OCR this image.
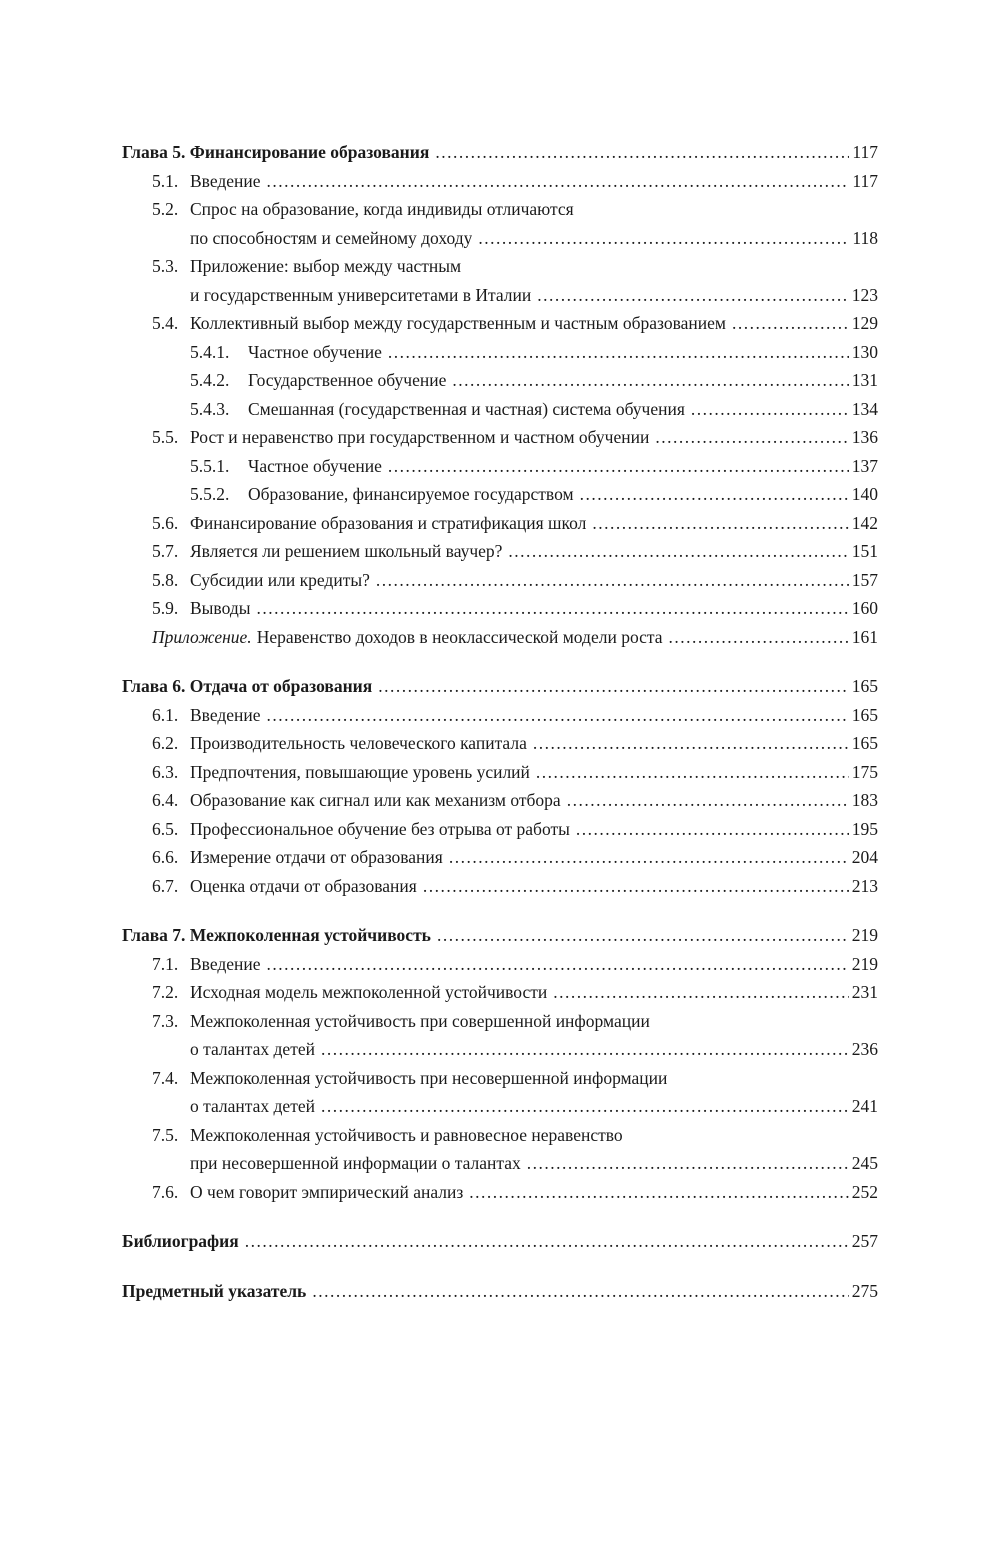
Глава 5. Финансирование образования .....	117
5.1. Введение .....	117
5.2. Спрос на образование, когда индивиды отличаются
по способностям и семейному доходу .....	118
5.3. Приложение: выбор между частным
и государственным университетами в Италии .....	123
5.4. Коллективный выбор между государственным и частным образованием .....	129
5.4.1.	Частное обучение .....	130
5.4.2.	Государственное обучение .....	131
5.4.3.	Смешанная (государственная и частная) система обучения .....	134
5.5. Рост и неравенство при государственном и частном обучении .....	136
5.5.1.	Частное обучение .....	137
5.5.2.	Образование, финансируемое государством .....	140
5.6. Финансирование образования и стратификация школ .....	142
5.7. Является ли решением школьный ваучер? .....	151
5.8. Субсидии или кредиты? .....	157
5.9. Выводы .....	160
Приложение. Неравенство доходов в неоклассической модели роста .....	161
Глава 6. Отдача от образования .....	165
6.1. Введение .....	165
6.2. Производительность человеческого капитала .....	165
6.3. Предпочтения, повышающие уровень усилий .....	175
6.4. Образование как сигнал или как механизм отбора .....	183
6.5. Профессиональное обучение без отрыва от работы .....	195
6.6. Измерение отдачи от образования .....	204
6.7. Оценка отдачи от образования .....	213
Глава 7. Межпоколенная устойчивость .....	219
7.1. Введение .....	219
7.2. Исходная модель межпоколенной устойчивости .....	231
7.3. Межпоколенная устойчивость при совершенной информации
о талантах детей .....	236
7.4. Межпоколенная устойчивость при несовершенной информации
о талантах детей .....	241
7.5. Межпоколенная устойчивость и равновесное неравенство
при несовершенной информации о талантах .....	245
7.6. О чем говорит эмпирический анализ .....	252
Библиография .....	257
Предметный указатель .....	275
